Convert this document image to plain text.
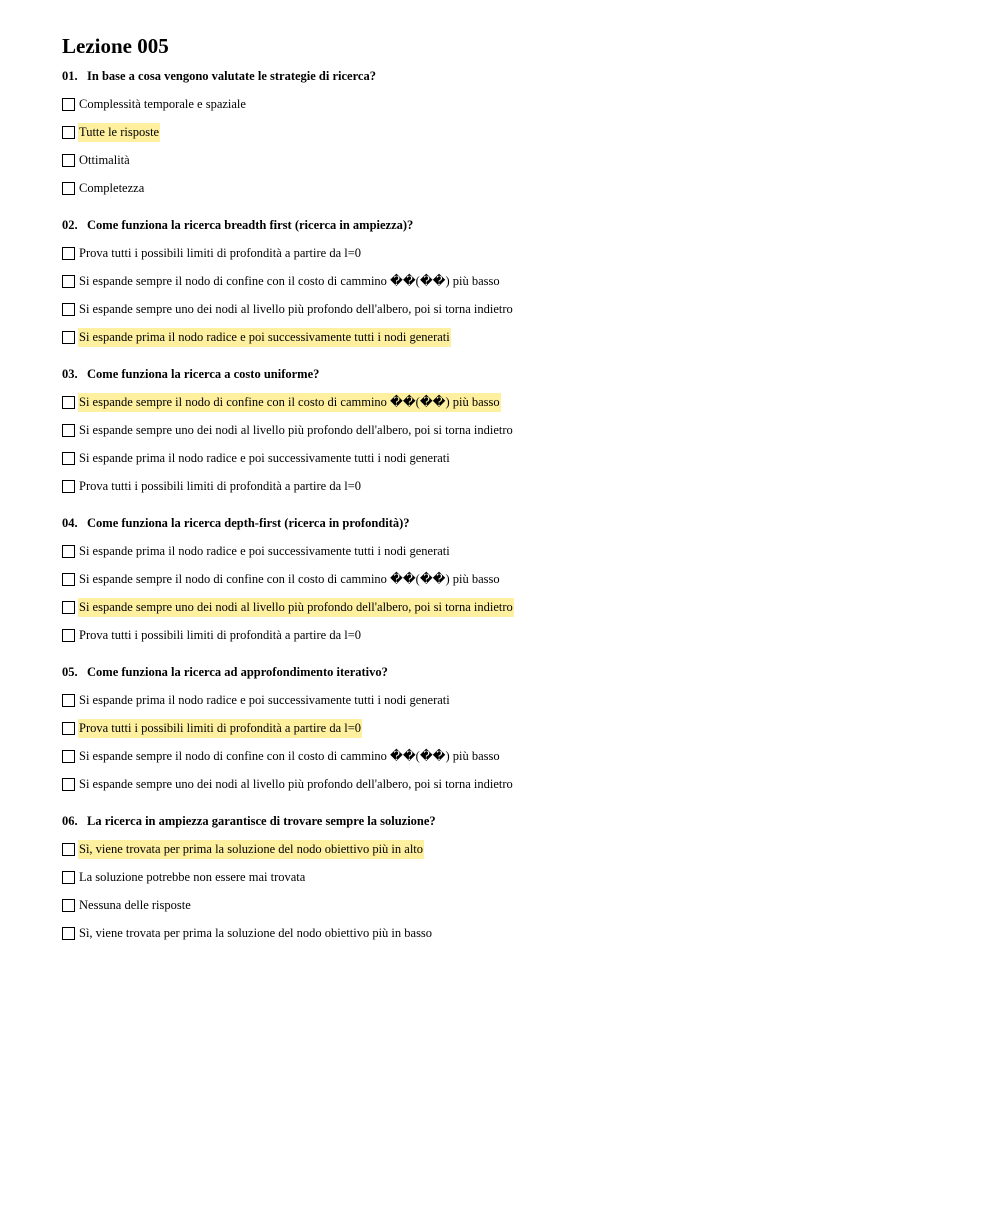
Lezione 005
01. In base a cosa vengono valutate le strategie di ricerca?
Complessità temporale e spaziale
Tutte le risposte
Ottimalità
Completezza
02. Come funziona la ricerca breadth first (ricerca in ampiezza)?
Prova tutti i possibili limiti di profondità a partire da l=0
Si espande sempre il nodo di confine con il costo di cammino ��(��) più basso
Si espande sempre uno dei nodi al livello più profondo dell'albero, poi si torna indietro
Si espande prima il nodo radice e poi successivamente tutti i nodi generati
03. Come funziona la ricerca a costo uniforme?
Si espande sempre il nodo di confine con il costo di cammino ��(��) più basso
Si espande sempre uno dei nodi al livello più profondo dell'albero, poi si torna indietro
Si espande prima il nodo radice e poi successivamente tutti i nodi generati
Prova tutti i possibili limiti di profondità a partire da l=0
04. Come funziona la ricerca depth-first (ricerca in profondità)?
Si espande prima il nodo radice e poi successivamente tutti i nodi generati
Si espande sempre il nodo di confine con il costo di cammino ��(��) più basso
Si espande sempre uno dei nodi al livello più profondo dell'albero, poi si torna indietro
Prova tutti i possibili limiti di profondità a partire da l=0
05. Come funziona la ricerca ad approfondimento iterativo?
Si espande prima il nodo radice e poi successivamente tutti i nodi generati
Prova tutti i possibili limiti di profondità a partire da l=0
Si espande sempre il nodo di confine con il costo di cammino ��(��) più basso
Si espande sempre uno dei nodi al livello più profondo dell'albero, poi si torna indietro
06. La ricerca in ampiezza garantisce di trovare sempre la soluzione?
Sì, viene trovata per prima la soluzione del nodo obiettivo più in alto
La soluzione potrebbe non essere mai trovata
Nessuna delle risposte
Sì, viene trovata per prima la soluzione del nodo obiettivo più in basso
